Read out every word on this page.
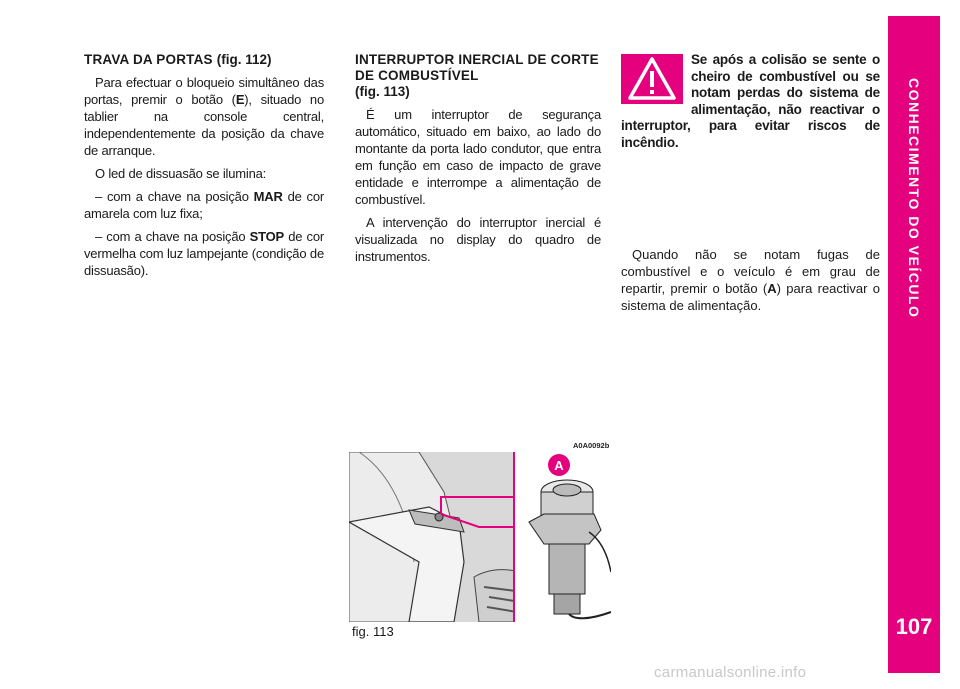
TRAVA DA PORTAS (fig. 112)

Para efectuar o bloqueio simultâneo das portas, premir o botão (E), situado no tablier na console central, independentemente da posição da chave de arranque.

O led de dissuasão se ilumina:

– com a chave na posição MAR de cor amarela com luz fixa;

– com a chave na posição STOP de cor vermelha com luz lampejante (condição de dissuasão).

INTERRUPTOR INERCIAL DE CORTE DE COMBUSTÍVEL
(fig. 113)

É um interruptor de segurança automático, situado em baixo, ao lado do montante da porta lado condutor, que entra em função em caso de impacto de grave entidade e interrompe a alimentação de combustível.

A intervenção do interruptor inercial é visualizada no display do quadro de instrumentos.

Se após a colisão se sente o cheiro de combustível ou se notam perdas do sistema de alimentação, não reactivar o interruptor, para evitar riscos de incêndio.

Quando não se notam fugas de combustível e o veículo é em grau de repartir, premir o botão (A) para reactivar o sistema de alimentação.

A0A0092b
A
fig. 113
CONHECIMENTO DO VEÍCULO
107
carmanualsonline.info
